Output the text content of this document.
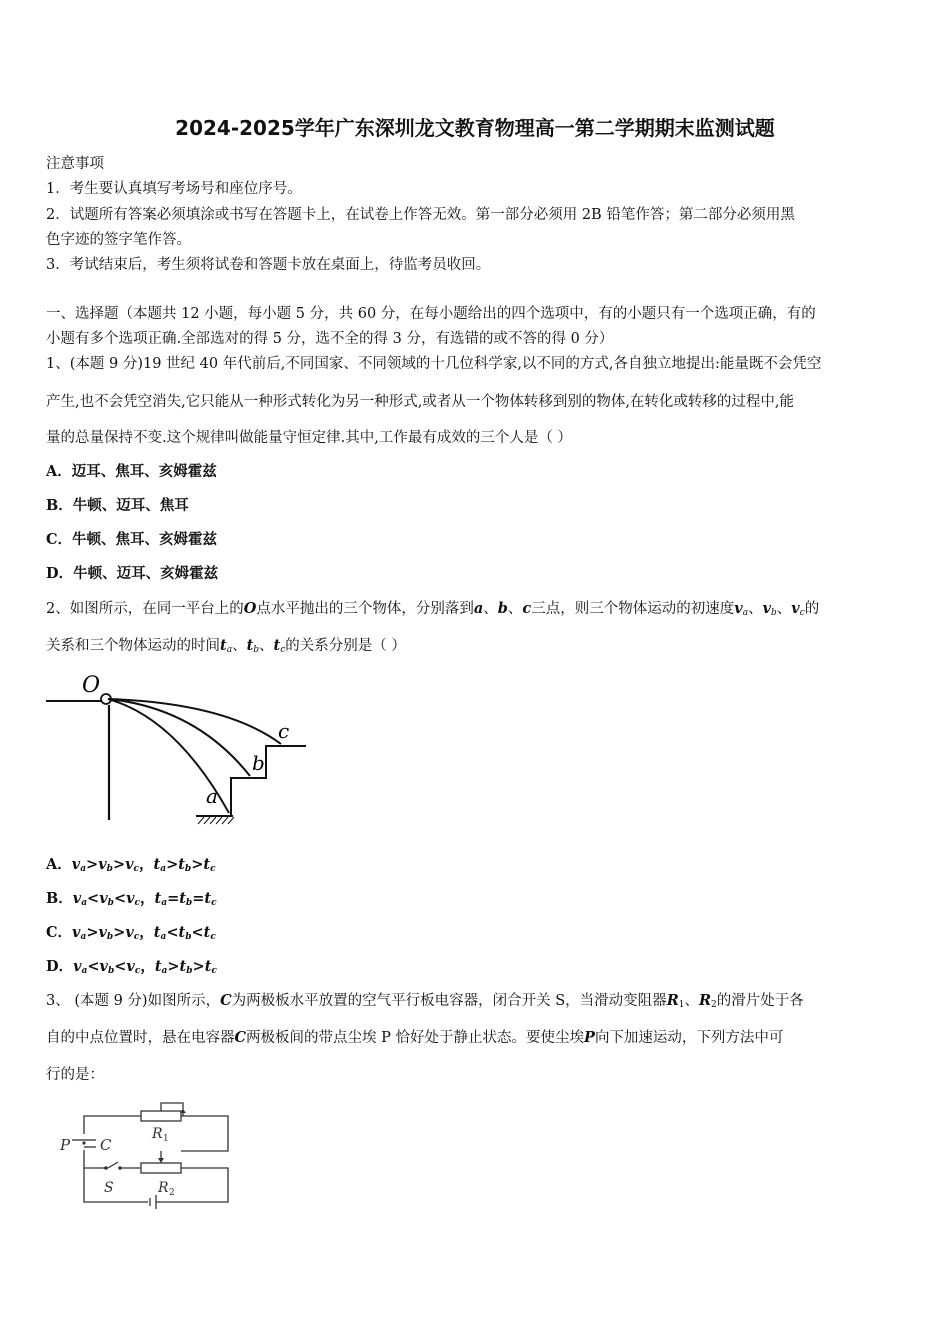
2024-2025学年广东深圳龙文教育物理高一第二学期期末监测试题
注意事项
1．考生要认真填写考场号和座位序号。
2．试题所有答案必须填涂或书写在答题卡上，在试卷上作答无效。第一部分必须用 2B 铅笔作答；第二部分必须用黑
色字迹的签字笔作答。
3．考试结束后，考生须将试卷和答题卡放在桌面上，待监考员收回。
一、选择题（本题共 12 小题，每小题 5 分，共 60 分，在每小题给出的四个选项中，有的小题只有一个选项正确，有的
小题有多个选项正确.全部选对的得 5 分，选不全的得 3 分，有选错的或不答的得 0 分）
1、(本题 9 分)19 世纪 40 年代前后,不同国家、不同领域的十几位科学家,以不同的方式,各自独立地提出:能量既不会凭空
产生,也不会凭空消失,它只能从一种形式转化为另一种形式,或者从一个物体转移到别的物体,在转化或转移的过程中,能
量的总量保持不变.这个规律叫做能量守恒定律.其中,工作最有成效的三个人是（ ）
A．迈耳、焦耳、亥姆霍兹
B．牛顿、迈耳、焦耳
C．牛顿、焦耳、亥姆霍兹
D．牛顿、迈耳、亥姆霍兹
2、如图所示，在同一平台上的O点水平抛出的三个物体，分别落到a、b、c三点，则三个物体运动的初速度$v_a$、$v_b$、$v_c$的
关系和三个物体运动的时间$t_a$、$t_b$、$t_c$的关系分别是（ ）
O
c
b
a
A．$v_a>v_b>v_c$，$t_a>t_b>t_c$
B．$v_a<v_b<v_c$，$t_a=t_b=t_c$
C．$v_a>v_b>v_c$，$t_a<t_b<t_c$
D．$v_a<v_b<v_c$，$t_a>t_b>t_c$
3、 (本题 9 分)如图所示，C为两极板水平放置的空气平行板电容器，闭合开关 S，当滑动变阻器$R_1$、$R_2$的滑片处于各
自的中点位置时，悬在电容器C两极板间的带点尘埃 P 恰好处于静止状态。要使尘埃P向下加速运动，下列方法中可
行的是：
P C
S
R 1
R 2
